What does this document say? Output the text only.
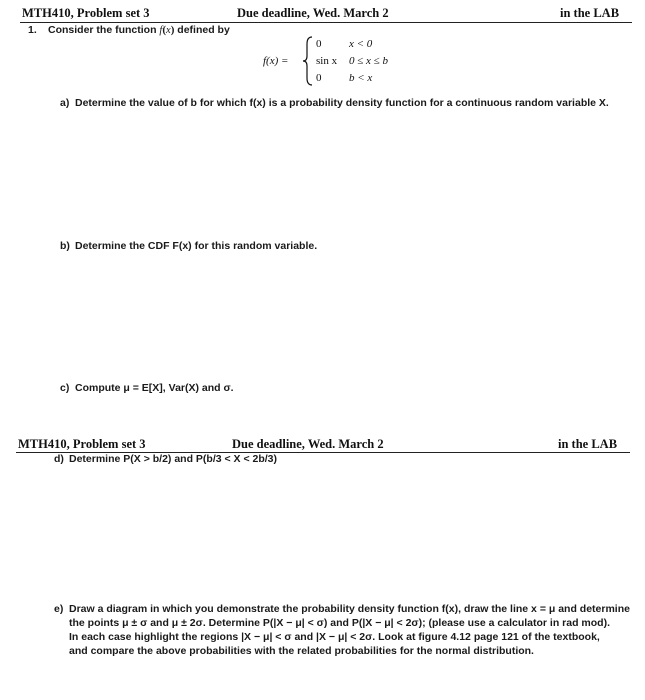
MTH410, Problem set 3	Due deadline, Wed. March 2	in the LAB
1. Consider the function f(x) defined by
f(x) =
0	x < 0
sin x 0 ≤ x ≤ b
0	b < x
a) Determine the value of b for which f(x) is a probability density function for a continuous random variable X.
b) Determine the CDF F(x) for this random variable.
c) Compute μ = E[X], Var(X) and σ.
MTH410, Problem set 3	Due deadline, Wed. March 2	in the LAB
d) Determine P(X > b/2) and P(b/3 < X < 2b/3)
e) Draw a diagram in which you demonstrate the probability density function f(x), draw the line x = μ and determine
the points μ ± σ and μ ± 2σ. Determine P(|X − μ| < σ) and P(|X − μ| < 2σ); (please use a calculator in rad mod).
In each case highlight the regions |X − μ| < σ and |X − μ| < 2σ. Look at figure 4.12 page 121 of the textbook,
and compare the above probabilities with the related probabilities for the normal distribution.
